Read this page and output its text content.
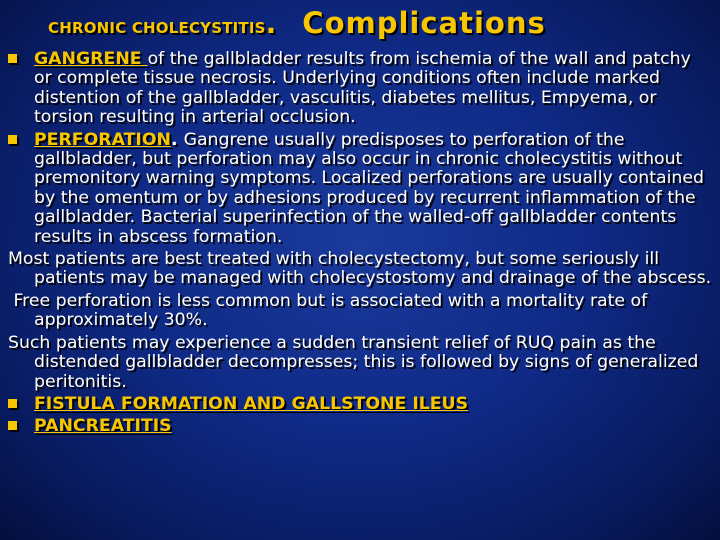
CHRONIC CHOLECYSTITIS. Complications
GANGRENE of the gallbladder results from ischemia of the wall and patchy or complete tissue necrosis. Underlying conditions often include marked distention of the gallbladder, vasculitis, diabetes mellitus, Empyema, or torsion resulting in arterial occlusion.
PERFORATION. Gangrene usually predisposes to perforation of the gallbladder, but perforation may also occur in chronic cholecystitis without premonitory warning symptoms. Localized perforations are usually contained by the omentum or by adhesions produced by recurrent inflammation of the gallbladder. Bacterial superinfection of the walled-off gallbladder contents results in abscess formation.
Most patients are best treated with cholecystectomy, but some seriously ill patients may be managed with cholecystostomy and drainage of the abscess.
Free perforation is less common but is associated with a mortality rate of approximately 30%.
Such patients may experience a sudden transient relief of RUQ pain as the distended gallbladder decompresses; this is followed by signs of generalized peritonitis.
FISTULA FORMATION AND GALLSTONE ILEUS
PANCREATITIS
